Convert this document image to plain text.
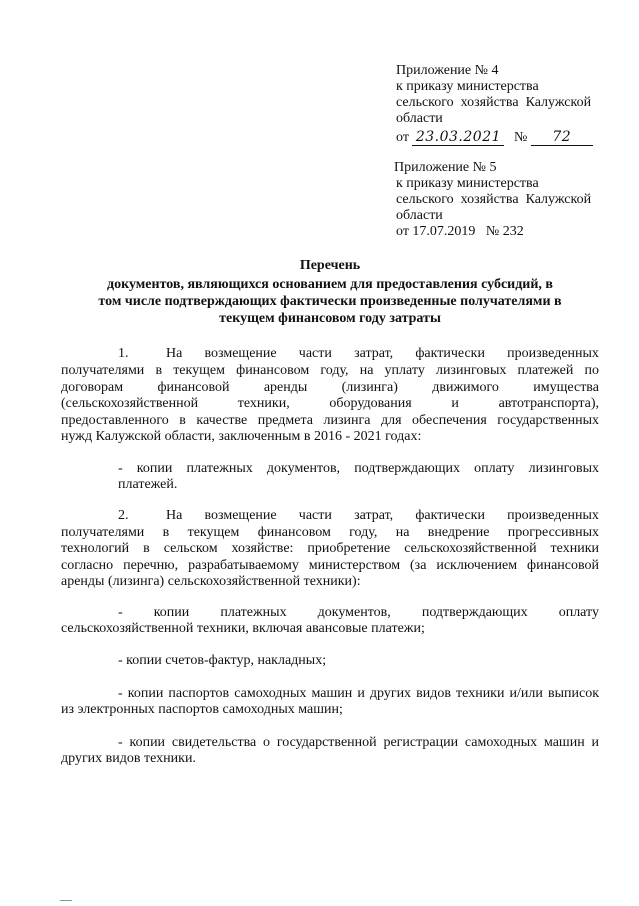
Приложение № 4
к приказу министерства
сельского  хозяйства  Калужской
области
от 23.03.2021 № 72
Приложение № 5
к приказу министерства
сельского  хозяйства  Калужской
области
от 17.07.2019   № 232
Перечень
документов, являющихся основанием для предоставления субсидий, в
том числе подтверждающих фактически произведенные получателями в
текущем финансовом году затраты
1.	На возмещение части затрат, фактически произведенных
получателями в текущем финансовом году, на уплату лизинговых платежей по
договорам финансовой аренды (лизинга) движимого имущества
(сельскохозяйственной	техники,	оборудования	и	автотранспорта),
предоставленного в качестве предмета лизинга для обеспечения государственных
нужд Калужской области, заключенным в 2016 - 2021 годах:
- копии платежных документов, подтверждающих оплату лизинговых
платежей.
2.	На возмещение части затрат, фактически произведенных
получателями в текущем финансовом году, на внедрение прогрессивных
технологий в сельском хозяйстве: приобретение сельскохозяйственной техники
согласно перечню, разрабатываемому министерством (за исключением финансовой
аренды (лизинга) сельскохозяйственной техники):
- копии платежных документов, подтверждающих оплату
сельскохозяйственной техники, включая авансовые платежи;
- копии счетов-фактур, накладных;
- копии паспортов самоходных машин и других видов техники и/или выписок
из электронных паспортов самоходных машин;
- копии свидетельства о государственной регистрации самоходных машин и
других видов техники.
—
